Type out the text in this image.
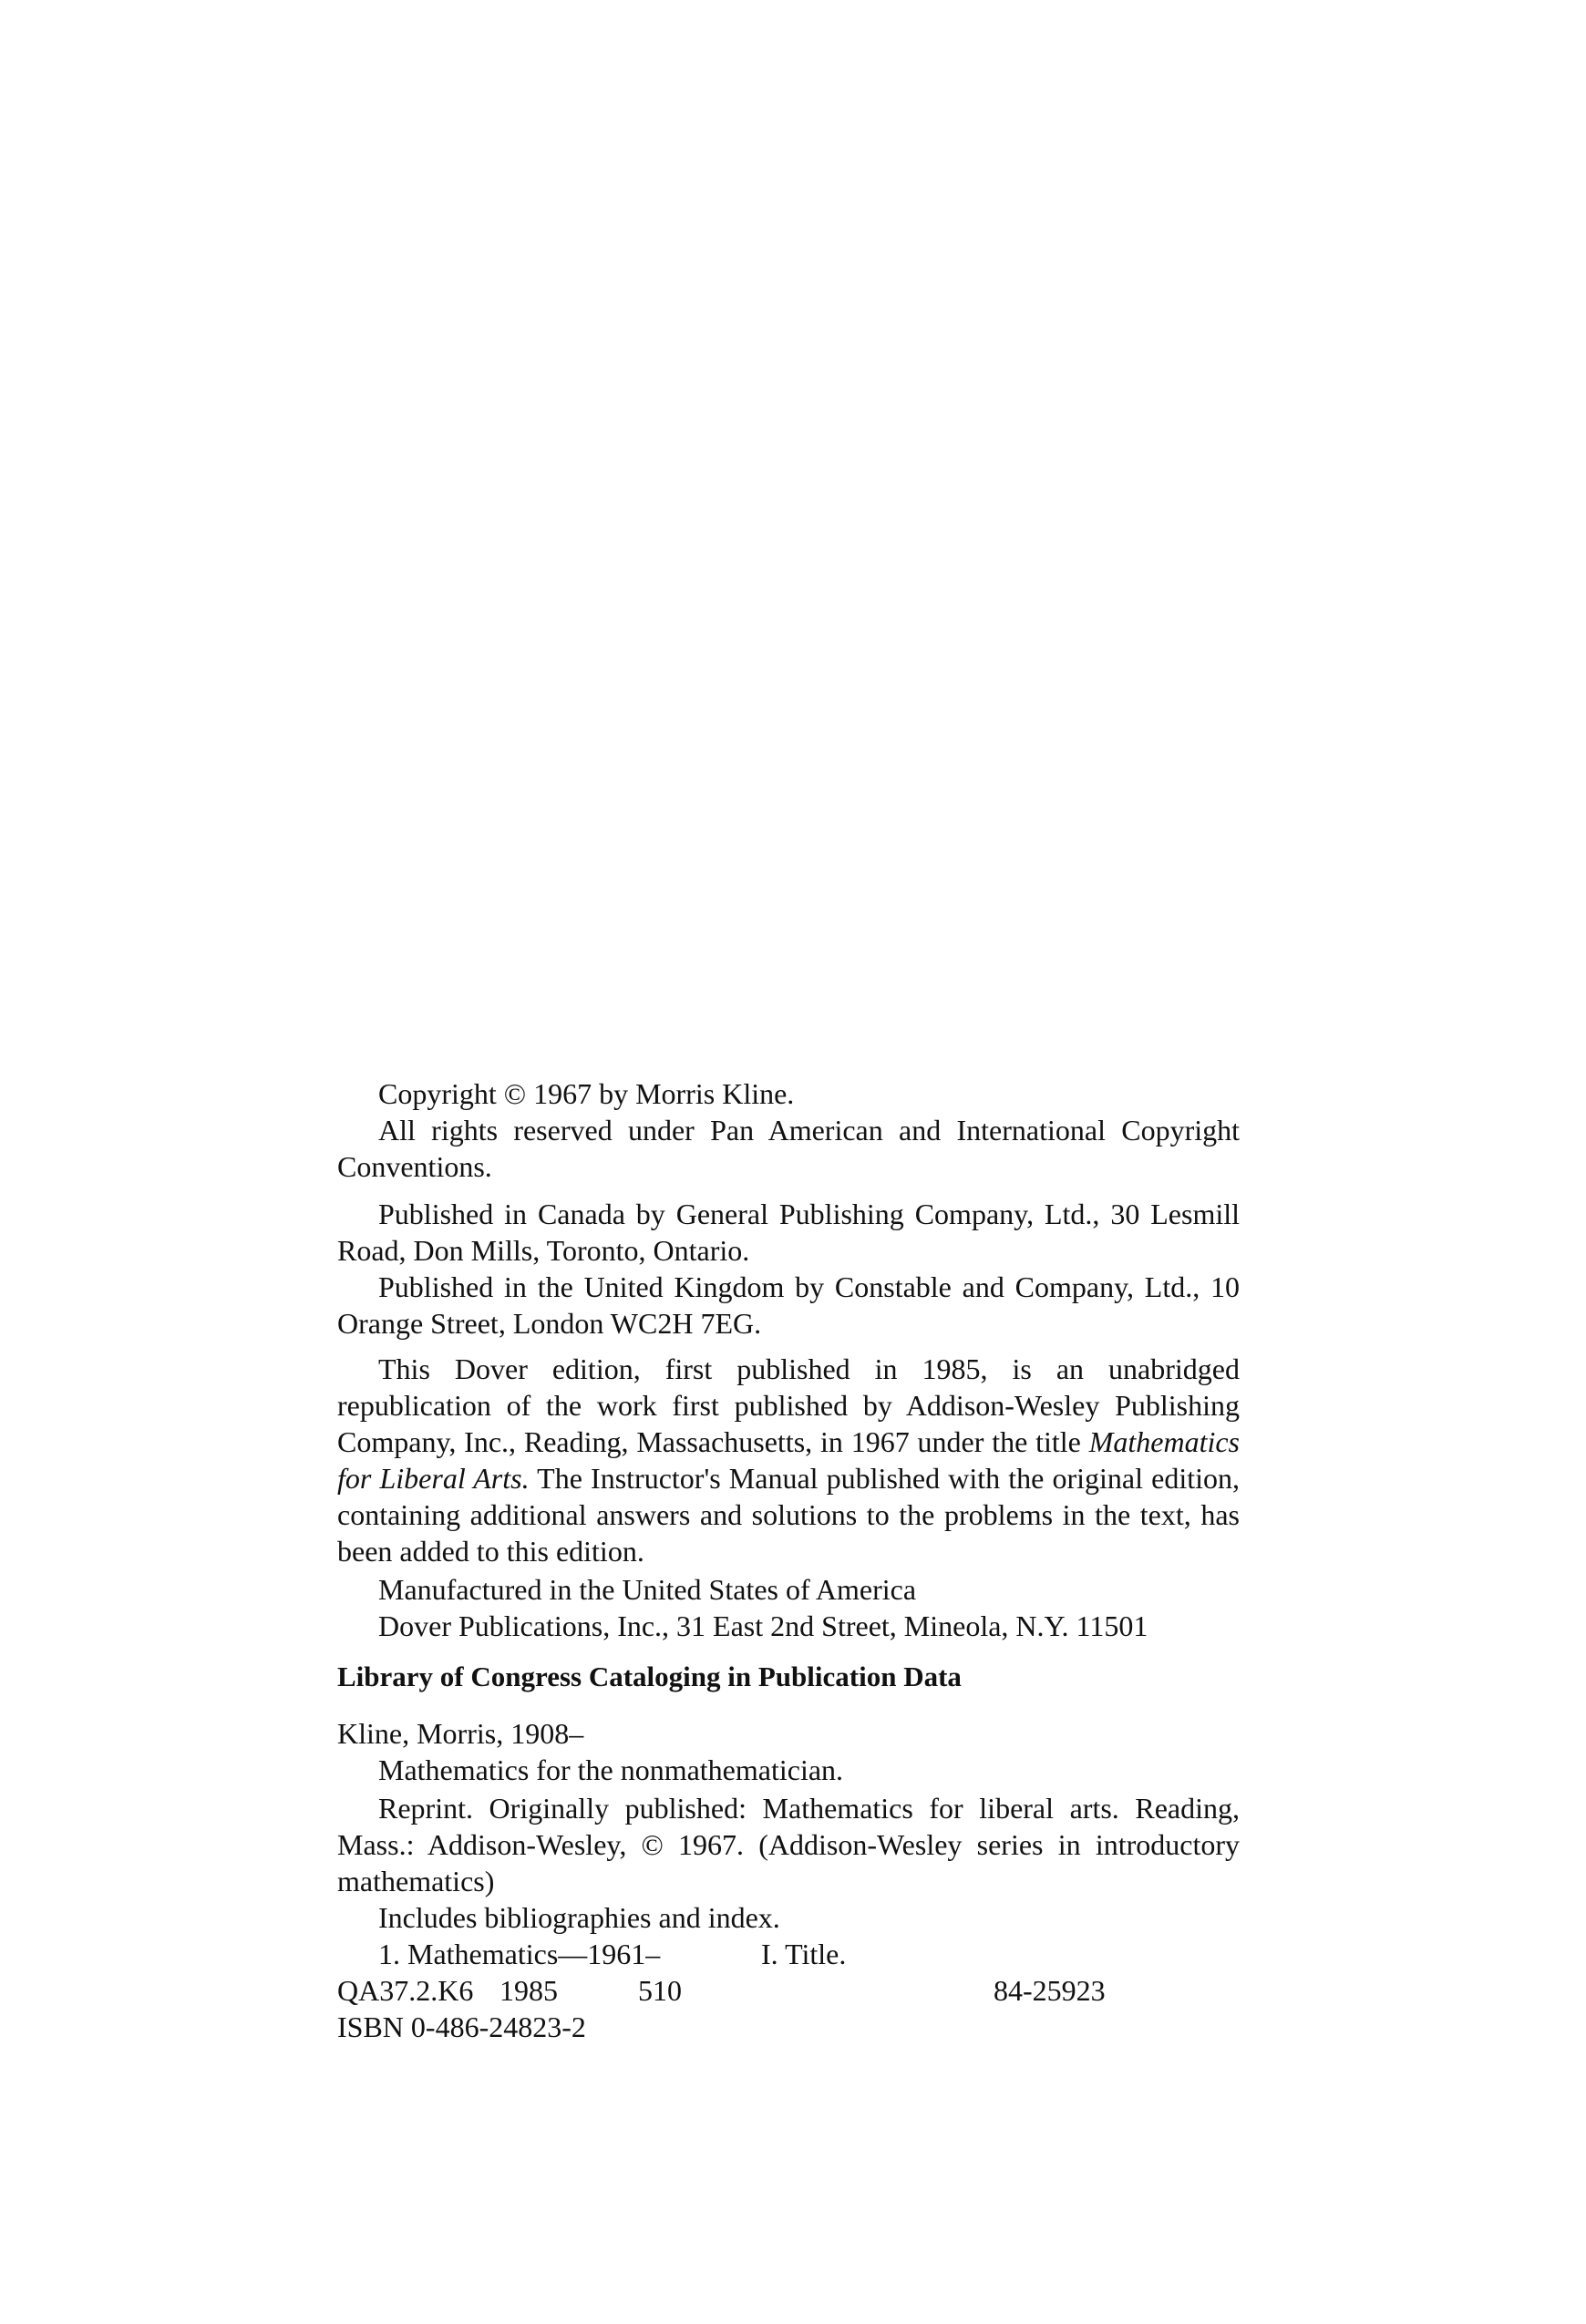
Copyright © 1967 by Morris Kline.

All rights reserved under Pan American and International Copyright Conventions.

Published in Canada by General Publishing Company, Ltd., 30 Lesmill Road, Don Mills, Toronto, Ontario.

Published in the United Kingdom by Constable and Company, Ltd., 10 Orange Street, London WC2H 7EG.

This Dover edition, first published in 1985, is an unabridged republication of the work first published by Addison-Wesley Publishing Company, Inc., Reading, Massachusetts, in 1967 under the title Mathematics for Liberal Arts. The Instructor's Manual published with the original edition, containing additional answers and solutions to the problems in the text, has been added to this edition.

Manufactured in the United States of America

Dover Publications, Inc., 31 East 2nd Street, Mineola, N.Y. 11501

Library of Congress Cataloging in Publication Data

Kline, Morris, 1908–

Mathematics for the nonmathematician.

Reprint. Originally published: Mathematics for liberal arts. Reading, Mass.: Addison-Wesley, © 1967. (Addison-Wesley series in introductory mathematics)

Includes bibliographies and index.

1. Mathematics—1961–	I. Title.
QA37.2.K6 1985	510	84-25923
ISBN 0-486-24823-2
